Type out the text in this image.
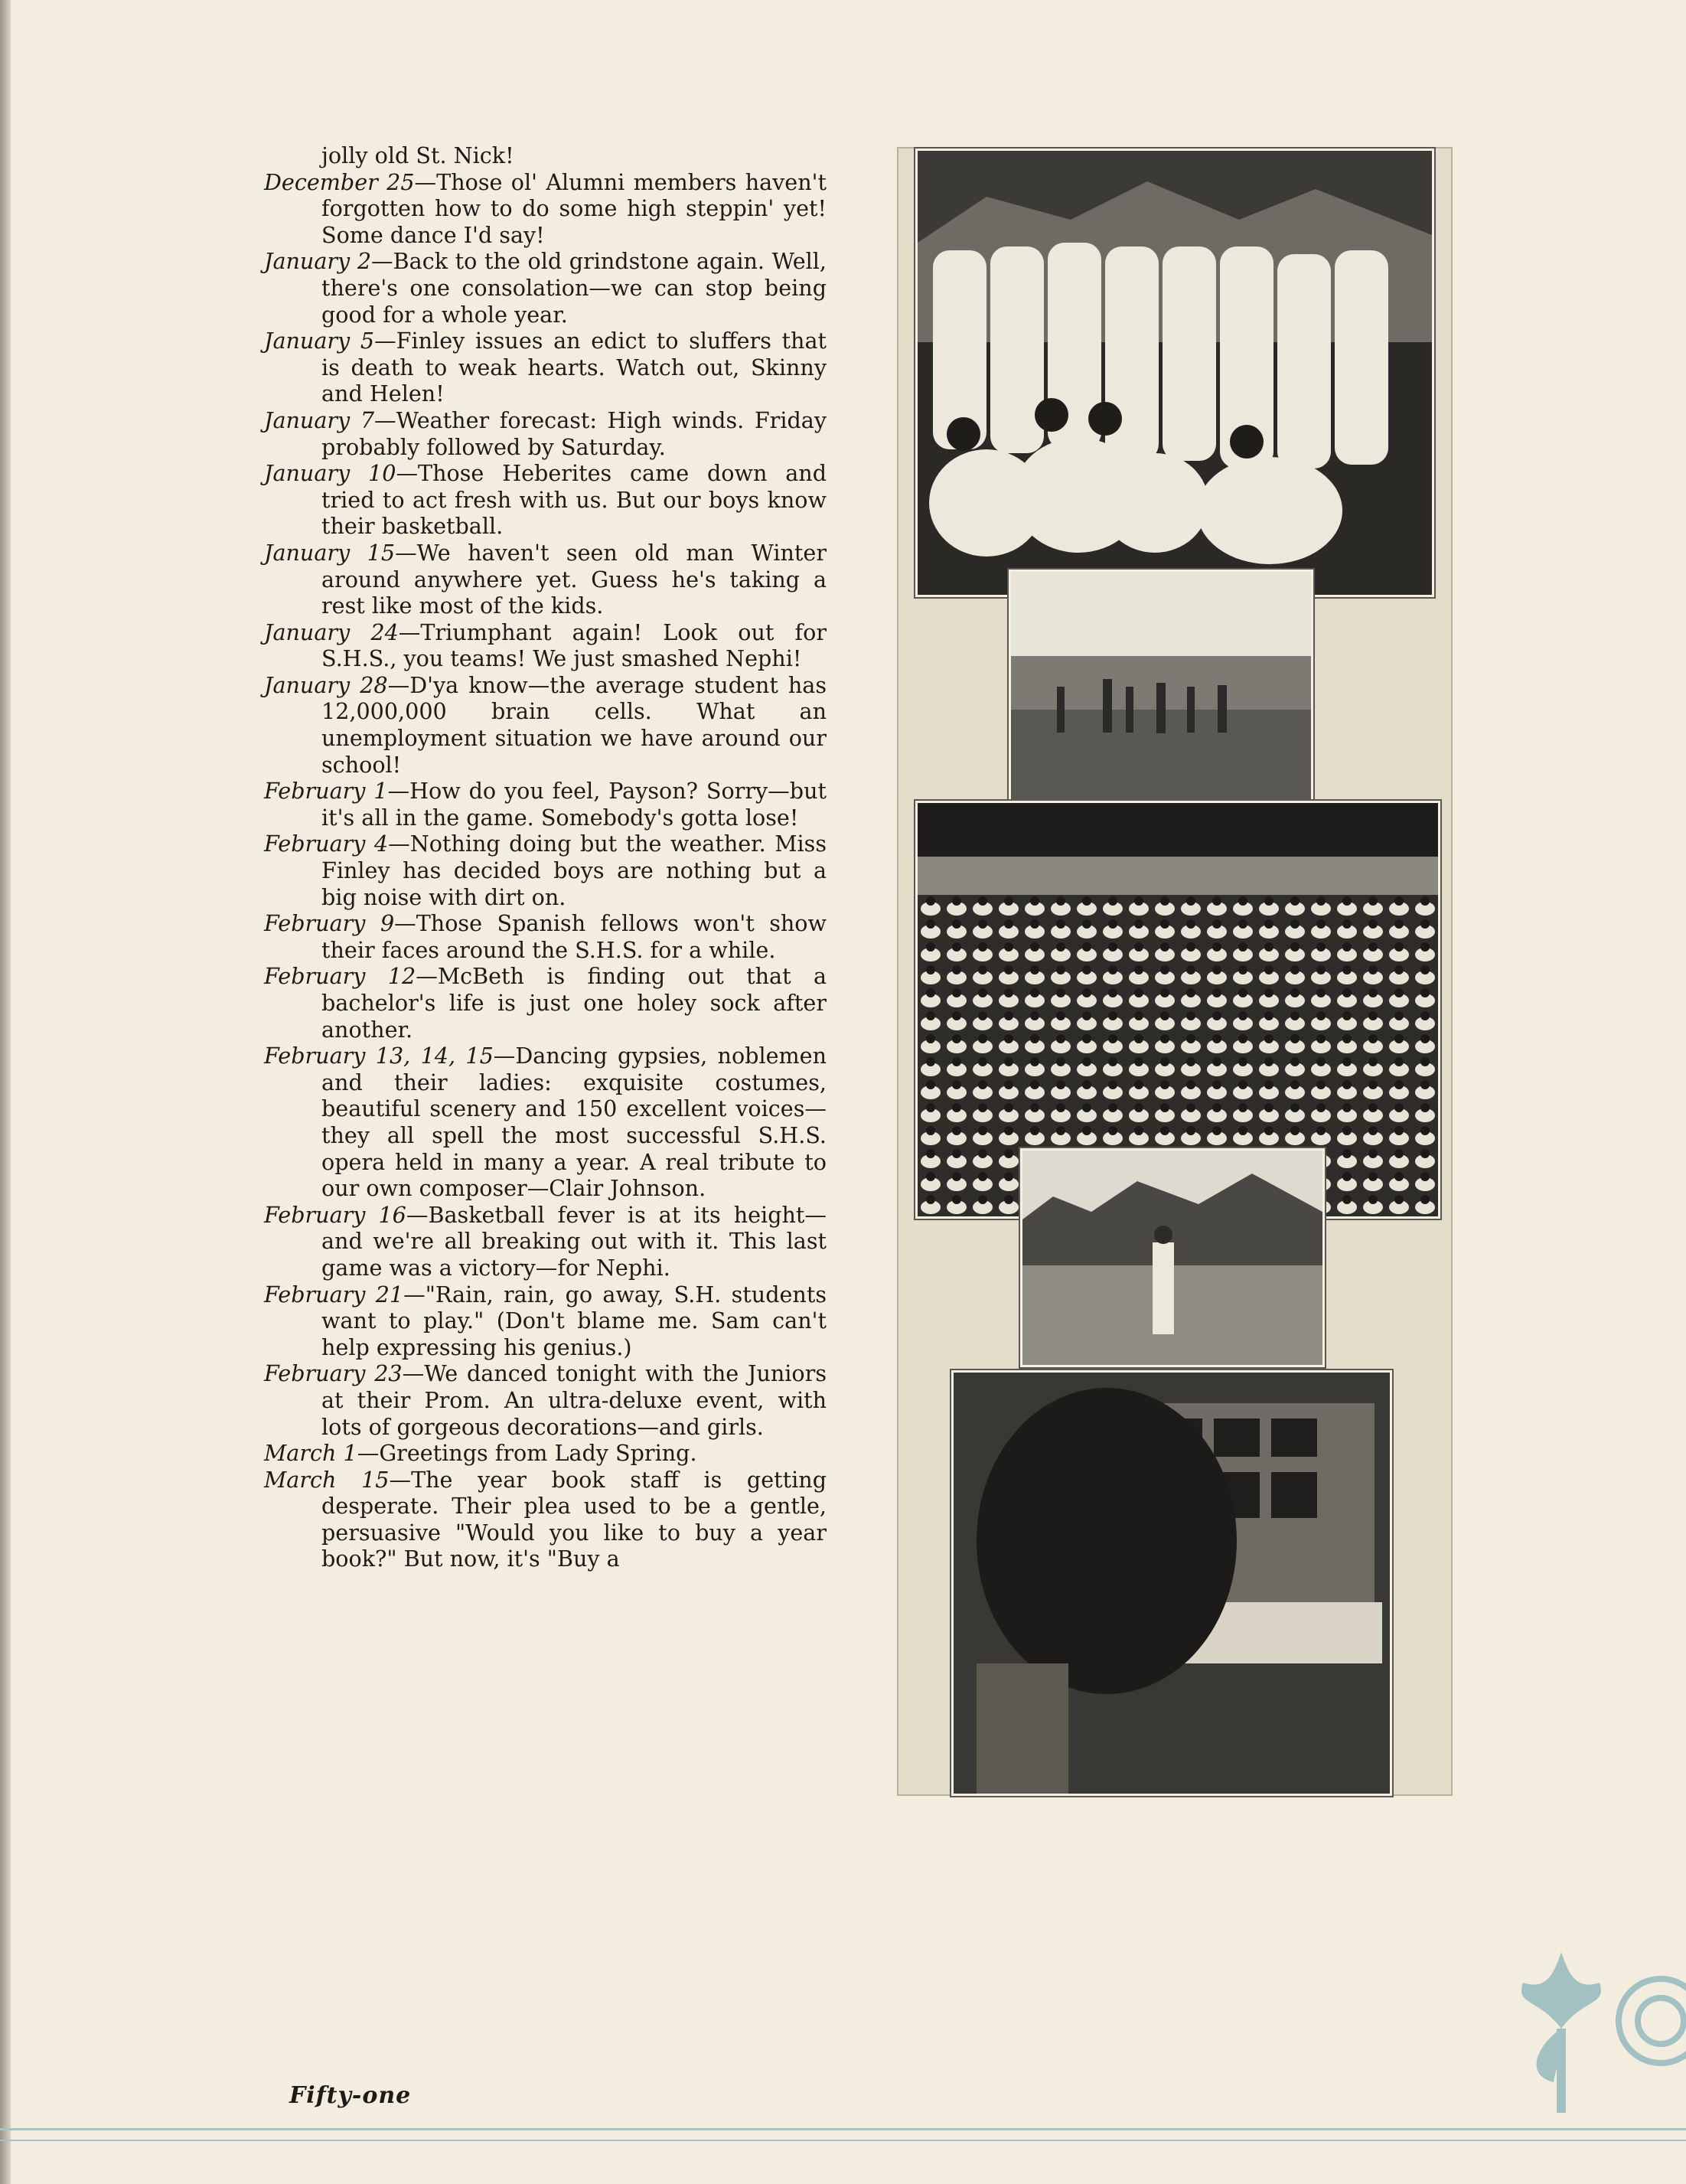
jolly old St. Nick!

December 25—Those ol' Alumni members haven't forgotten how to do some high steppin' yet! Some dance I'd say!

January 2—Back to the old grindstone again. Well, there's one consolation—we can stop being good for a whole year.

January 5—Finley issues an edict to sluffers that is death to weak hearts. Watch out, Skinny and Helen!

January 7—Weather forecast: High winds. Friday probably followed by Saturday.

January 10—Those Heberites came down and tried to act fresh with us. But our boys know their basketball.

January 15—We haven't seen old man Winter around anywhere yet. Guess he's taking a rest like most of the kids.

January 24—Triumphant again! Look out for S.H.S., you teams! We just smashed Nephi!

January 28—D'ya know—the average student has 12,000,000 brain cells. What an unemployment situation we have around our school!

February 1—How do you feel, Payson? Sorry—but it's all in the game. Somebody's gotta lose!

February 4—Nothing doing but the weather. Miss Finley has decided boys are nothing but a big noise with dirt on.

February 9—Those Spanish fellows won't show their faces around the S.H.S. for a while.

February 12—McBeth is finding out that a bachelor's life is just one holey sock after another.

February 13, 14, 15—Dancing gypsies, noblemen and their ladies: exquisite costumes, beautiful scenery and 150 excellent voices—they all spell the most successful S.H.S. opera held in many a year. A real tribute to our own composer—Clair Johnson.

February 16—Basketball fever is at its height—and we're all breaking out with it. This last game was a victory—for Nephi.

February 21—"Rain, rain, go away, S.H. students want to play." (Don't blame me. Sam can't help expressing his genius.)

February 23—We danced tonight with the Juniors at their Prom. An ultra-deluxe event, with lots of gorgeous decorations—and girls.

March 1—Greetings from Lady Spring.

March 15—The year book staff is getting desperate. Their plea used to be a gentle, persuasive "Would you like to buy a year book?" But now, it's "Buy a

Fifty-one
